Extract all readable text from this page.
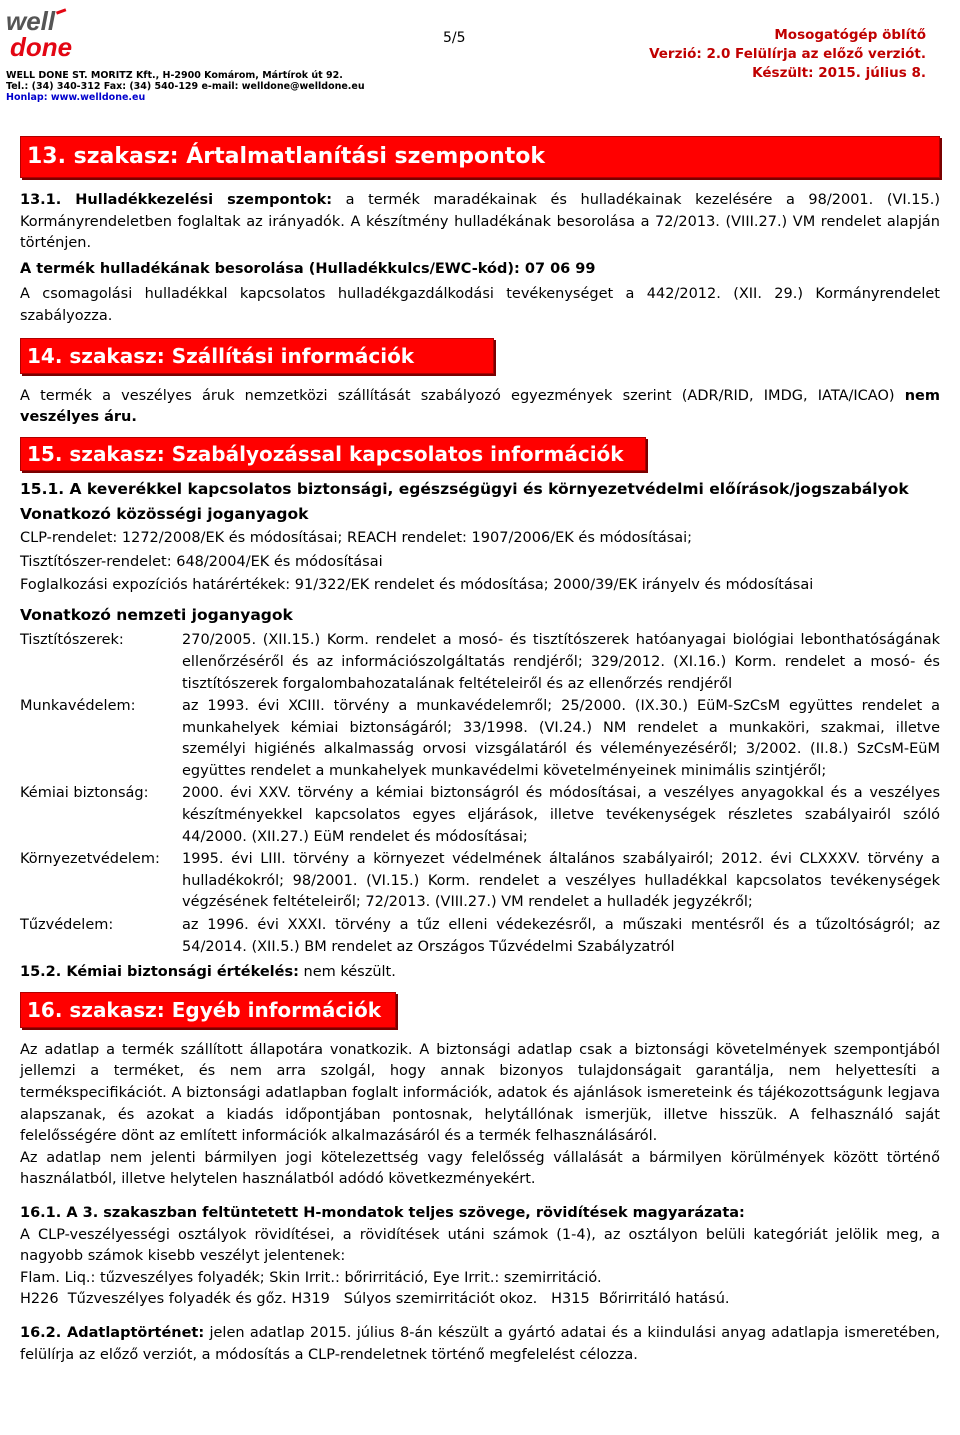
well
done
WELL DONE ST. MORITZ Kft., H-2900 Komárom, Mártírok út 92.
Tel.: (34) 340-312 Fax: (34) 540-129 e-mail: welldone@welldone.eu
Honlap: www.welldone.eu
5/5	Mosogatógép öblítő
Verzió: 2.0 Felülírja az előző verziót.
Készült: 2015. július 8.
13. szakasz: Ártalmatlanítási szempontok

13.1. Hulladékkezelési szempontok: a termék maradékainak és hulladékainak kezelésére a 98/2001. (VI.15.) Kormányrendeletben foglaltak az irányadók. A készítmény hulladékának besorolása a 72/2013. (VIII.27.) VM rendelet alapján történjen.

A termék hulladékának besorolása (Hulladékkulcs/EWC-kód): 07 06 99

A csomagolási hulladékkal kapcsolatos hulladékgazdálkodási tevékenységet a 442/2012. (XII. 29.) Kormányrendelet szabályozza.

14. szakasz: Szállítási információk

A termék a veszélyes áruk nemzetközi szállítását szabályozó egyezmények szerint (ADR/RID, IMDG, IATA/ICAO) nem veszélyes áru.

15. szakasz: Szabályozással kapcsolatos információk

15.1. A keverékkel kapcsolatos biztonsági, egészségügyi és környezetvédelmi előírások/jogszabályok

Vonatkozó közösségi joganyagok

CLP-rendelet: 1272/2008/EK és módosításai; REACH rendelet: 1907/2006/EK és módosításai;

Tisztítószer-rendelet: 648/2004/EK és módosításai

Foglalkozási expozíciós határértékek: 91/322/EK rendelet és módosítása; 2000/39/EK irányelv és módosításai

Vonatkozó nemzeti joganyagok

Tisztítószerek:	270/2005. (XII.15.) Korm. rendelet a mosó- és tisztítószerek hatóanyagai biológiai lebonthatóságának ellenőrzéséről és az információszolgáltatás rendjéről; 329/2012. (XI.16.) Korm. rendelet a mosó- és tisztítószerek forgalombahozatalának feltételeiről és az ellenőrzés rendjéről
Munkavédelem:	az 1993. évi XCIII. törvény a munkavédelemről; 25/2000. (IX.30.) EüM-SzCsM együttes rendelet a munkahelyek kémiai biztonságáról; 33/1998. (VI.24.) NM rendelet a munkaköri, szakmai, illetve személyi higiénés alkalmasság orvosi vizsgálatáról és véleményezéséről; 3/2002. (II.8.) SzCsM-EüM együttes rendelet a munkahelyek munkavédelmi követelményeinek minimális szintjéről;
Kémiai biztonság:	2000. évi XXV. törvény a kémiai biztonságról és módosításai, a veszélyes anyagokkal és a veszélyes készítményekkel kapcsolatos egyes eljárások, illetve tevékenységek részletes szabályairól szóló 44/2000. (XII.27.) EüM rendelet és módosításai;
Környezetvédelem:	1995. évi LIII. törvény a környezet védelmének általános szabályairól; 2012. évi CLXXXV. törvény a hulladékokról; 98/2001. (VI.15.) Korm. rendelet a veszélyes hulladékkal kapcsolatos tevékenységek végzésének feltételeiről; 72/2013. (VIII.27.) VM rendelet a hulladék jegyzékről;
Tűzvédelem:	az 1996. évi XXXI. törvény a tűz elleni védekezésről, a műszaki mentésről és a tűzoltóságról; az 54/2014. (XII.5.) BM rendelet az Országos Tűzvédelmi Szabályzatról

15.2. Kémiai biztonsági értékelés: nem készült.

16. szakasz: Egyéb információk

Az adatlap a termék szállított állapotára vonatkozik. A biztonsági adatlap csak a biztonsági követelmények szempontjából jellemzi a terméket, és nem arra szolgál, hogy annak bizonyos tulajdonságait garantálja, nem helyettesíti a termékspecifikációt. A biztonsági adatlapban foglalt információk, adatok és ajánlások ismereteink és tájékozottságunk legjava alapszanak, és azokat a kiadás időpontjában pontosnak, helytállónak ismerjük, illetve hisszük. A felhasználó saját felelősségére dönt az említett információk alkalmazásáról és a termék felhasználásáról.

Az adatlap nem jelenti bármilyen jogi kötelezettség vagy felelősség vállalását a bármilyen körülmények között történő használatból, illetve helytelen használatból adódó következményekért.

16.1. A 3. szakaszban feltüntetett H-mondatok teljes szövege, rövidítések magyarázata:

A CLP-veszélyességi osztályok rövidítései, a rövidítések utáni számok (1-4), az osztályon belüli kategóriát jelölik meg, a nagyobb számok kisebb veszélyt jelentenek:

Flam. Liq.: tűzveszélyes folyadék; Skin Irrit.: bőrirritáció, Eye Irrit.: szemirritáció.

H226  Tűzveszélyes folyadék és gőz. H319   Súlyos szemirritációt okoz.   H315  Bőrirritáló hatású.

16.2. Adatlaptörténet: jelen adatlap 2015. július 8-án készült a gyártó adatai és a kiindulási anyag adatlapja ismeretében, felülírja az előző verziót, a módosítás a CLP-rendeletnek történő megfelelést célozza.
